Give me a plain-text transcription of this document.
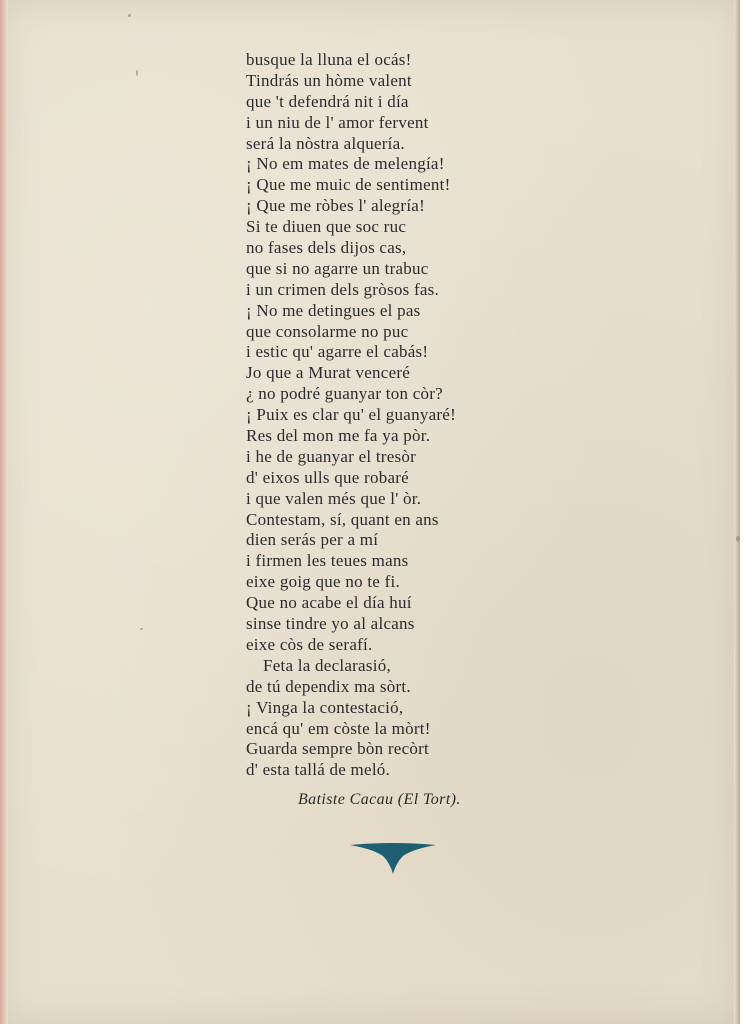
busque la lluna el ocás!
Tindrás un hòme valent
que 't defendrá nit i día
i un niu de l' amor fervent
será la nòstra alquería.
¡ No em mates de melengía!
¡ Que me muic de sentiment!
¡ Que me ròbes l' alegría!
Si te diuen que soc ruc
no fases dels dijos cas,
que si no agarre un trabuc
i un crimen dels gròsos fas.
¡ No me detingues el pas
que consolarme no puc
i estic qu' agarre el cabás!
Jo que a Murat venceré
¿ no podré guanyar ton còr?
¡ Puix es clar qu' el guanyaré!
Res del mon me fa ya pòr.
i he de guanyar el tresòr
d' eixos ulls que robaré
i que valen més que l' òr.
Contestam, sí, quant en ans
dien serás per a mí
i firmen les teues mans
eixe goig que no te fi.
Que no acabe el día huí
sinse tindre yo al alcans
eixe còs de serafí.
Feta la declarasió,
de tú dependix ma sòrt.
¡ Vinga la contestació,
encá qu' em còste la mòrt!
Guarda sempre bòn recòrt
d' esta tallá de meló.
Batiste Cacau (El Tort).
